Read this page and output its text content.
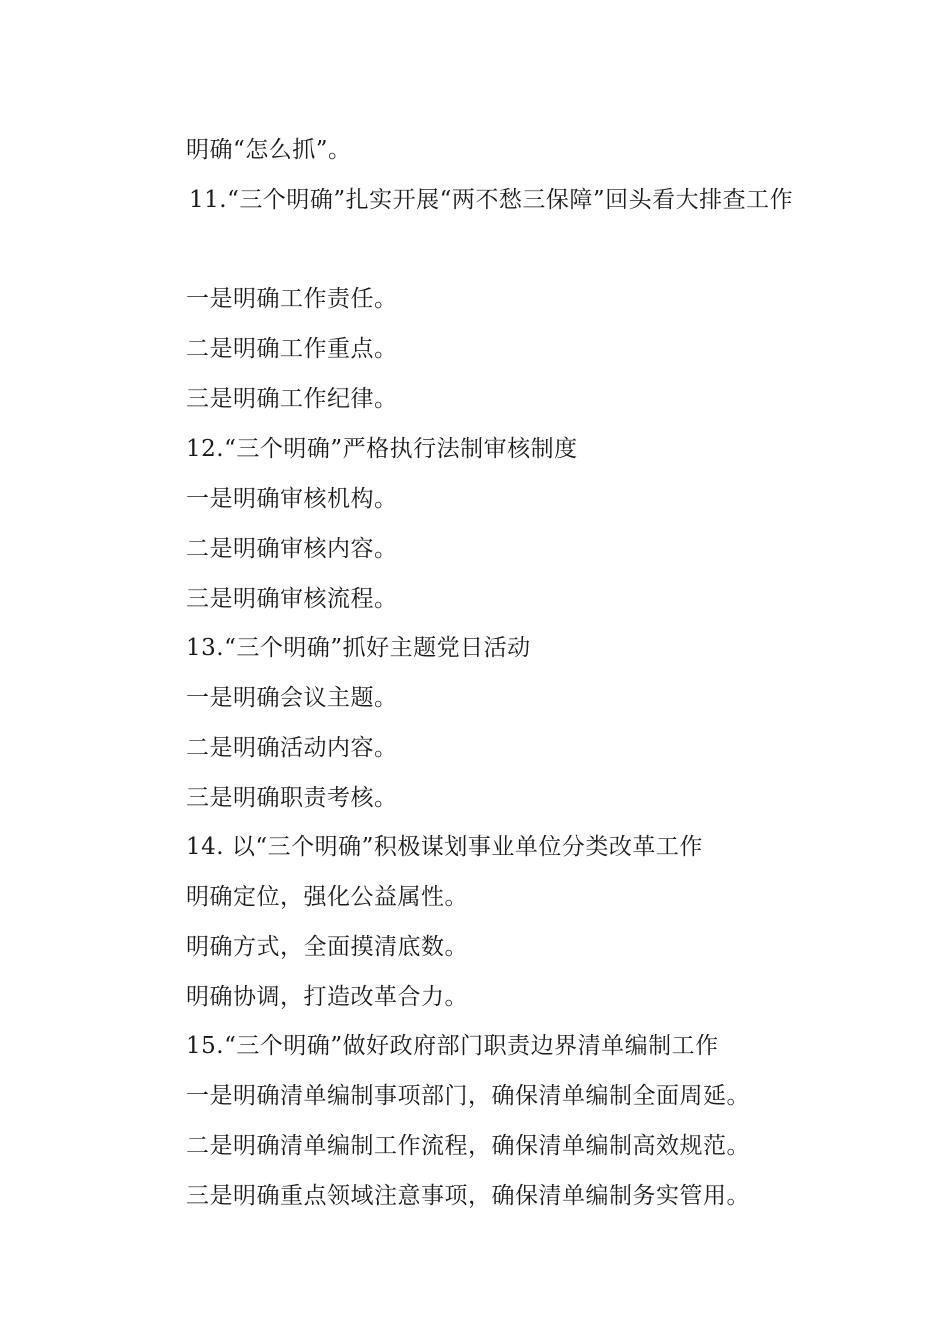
明确“怎么抓”。
11.“三个明确”扎实开展“两不愁三保障”回头看大排查工作
一是明确工作责任。
二是明确工作重点。
三是明确工作纪律。
12.“三个明确”严格执行法制审核制度
一是明确审核机构。
二是明确审核内容。
三是明确审核流程。
13.“三个明确”抓好主题党日活动
一是明确会议主题。
二是明确活动内容。
三是明确职责考核。
14. 以“三个明确”积极谋划事业单位分类改革工作
明确定位，强化公益属性。
明确方式，全面摸清底数。
明确协调，打造改革合力。
15.“三个明确”做好政府部门职责边界清单编制工作
一是明确清单编制事项部门，确保清单编制全面周延。
二是明确清单编制工作流程，确保清单编制高效规范。
三是明确重点领域注意事项，确保清单编制务实管用。
